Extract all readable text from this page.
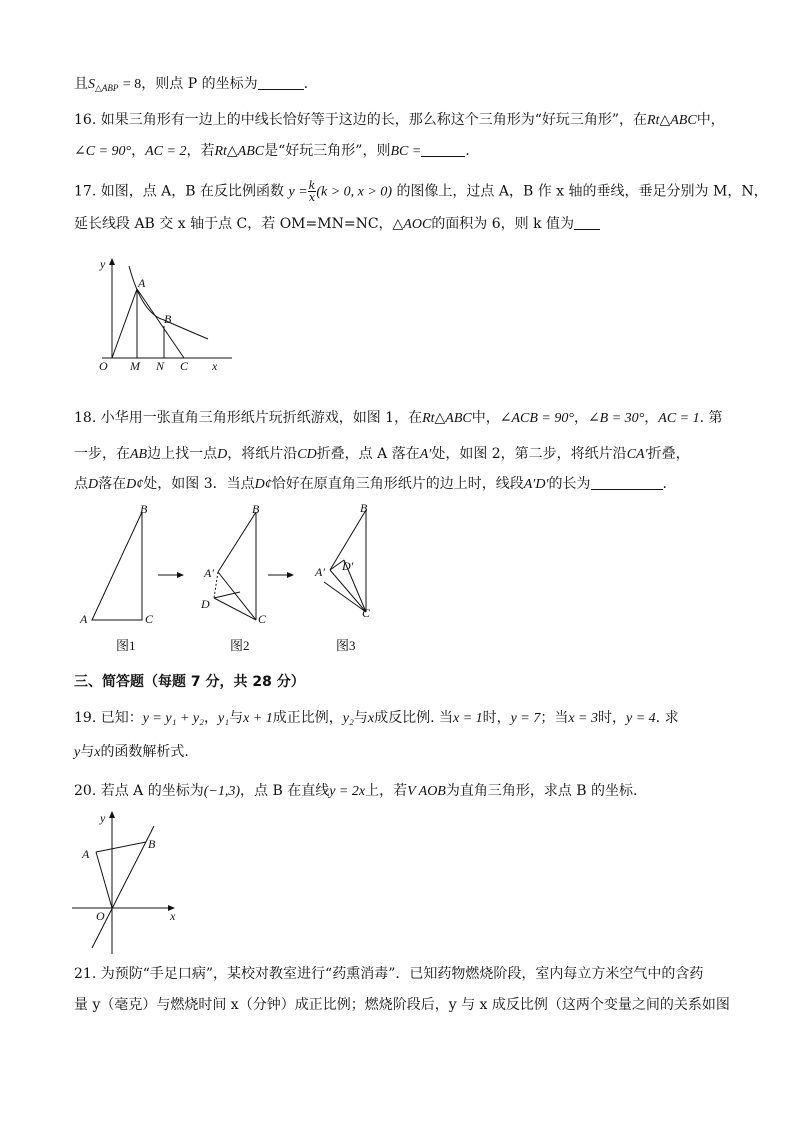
且$S_{\triangle ABP} = 8$，则点 P 的坐标为	.
16. 如果三角形有一边上的中线长恰好等于这边的长，那么称这个三角形为“好玩三角形”，在Rt△ABC中，
∠C = 90°，AC = 2，若Rt△ABC是“好玩三角形”，则BC =	.
17. 如图，点 A，B 在反比例函数 $y = \frac{k}{x} (k > 0$, x > 0) 的图像上，过点 A，B 作 x 轴的垂线，垂足分别为 M，N，
延长线段 AB 交 x 轴于点 C，若 OM=MN=NC，△AOC的面积为 6，则 k 值为
y
A
B
O M N C x
18. 小华用一张直角三角形纸片玩折纸游戏，如图 1，在Rt△ABC中，∠ACB = 90°，∠B = 30°，AC = 1. 第
一步，在AB边上找一点D，将纸片沿CD折叠，点 A 落在A′处，如图 2，第二步，将纸片沿CA′折叠，
点D落在D¢处，如图 3．当点D¢恰好在原直角三角形纸片的边上时，线段A′D′的长为	.
B
A	C
图1
B
A′
D
C
图2
B
A′ D′
C
图3
三、简答题（每题 7 分，共 28 分）
19. 已知：y = y₁ + y₂，y₁与x + 1成正比例，y₂与x成反比例. 当x = 1时，y = 7；当x = 3时，y = 4. 求
y与x的函数解析式.
20. 若点 A 的坐标为(−1,3)，点 B 在直线y = 2x上，若V AOB为直角三角形，求点 B 的坐标.
y
A
B
O	x
21. 为预防“手足口病”，某校对教室进行“药熏消毒”．已知药物燃烧阶段，室内每立方米空气中的含药
量 y（毫克）与燃烧时间 x（分钟）成正比例；燃烧阶段后，y 与 x 成反比例（这两个变量之间的关系如图
